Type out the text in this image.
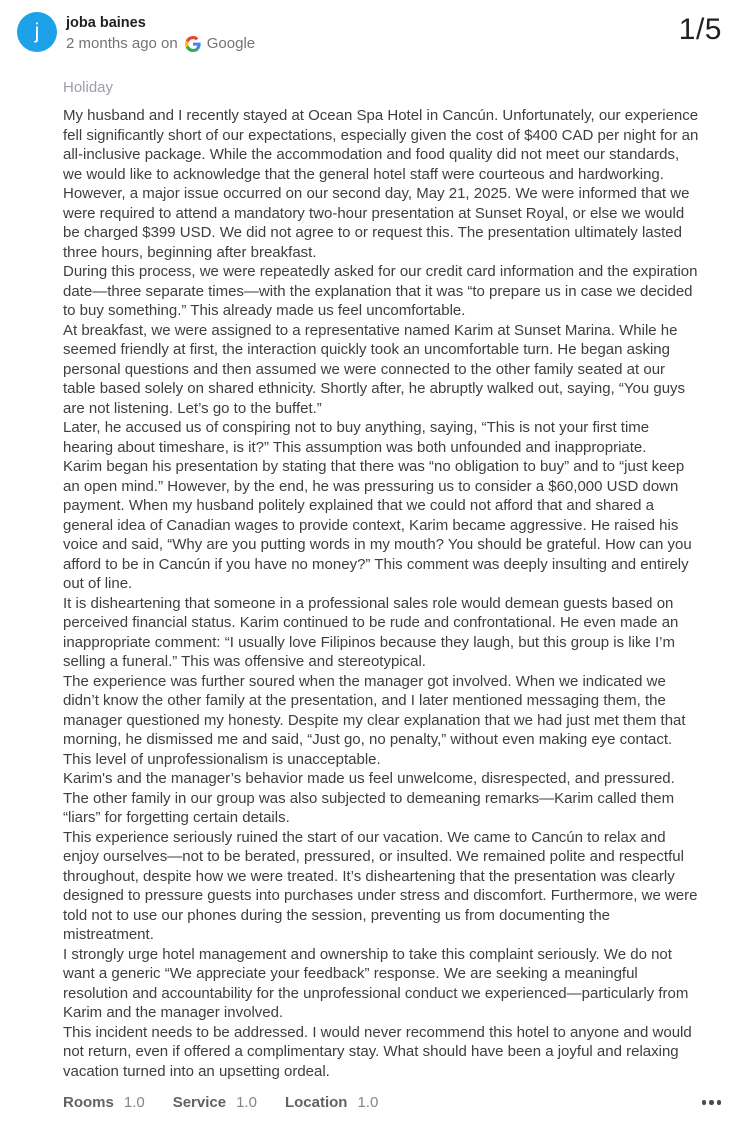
j joba baines
2 months ago on Google	1/5
Holiday
My husband and I recently stayed at Ocean Spa Hotel in Cancún. Unfortunately, our experience fell significantly short of our expectations, especially given the cost of $400 CAD per night for an all-inclusive package. While the accommodation and food quality did not meet our standards, we would like to acknowledge that the general hotel staff were courteous and hardworking.
However, a major issue occurred on our second day, May 21, 2025. We were informed that we were required to attend a mandatory two-hour presentation at Sunset Royal, or else we would be charged $399 USD. We did not agree to or request this. The presentation ultimately lasted three hours, beginning after breakfast.
During this process, we were repeatedly asked for our credit card information and the expiration date—three separate times—with the explanation that it was “to prepare us in case we decided to buy something.” This already made us feel uncomfortable.
At breakfast, we were assigned to a representative named Karim at Sunset Marina. While he seemed friendly at first, the interaction quickly took an uncomfortable turn. He began asking personal questions and then assumed we were connected to the other family seated at our table based solely on shared ethnicity. Shortly after, he abruptly walked out, saying, “You guys are not listening. Let’s go to the buffet.”
Later, he accused us of conspiring not to buy anything, saying, “This is not your first time hearing about timeshare, is it?” This assumption was both unfounded and inappropriate.
Karim began his presentation by stating that there was “no obligation to buy” and to “just keep an open mind.” However, by the end, he was pressuring us to consider a $60,000 USD down payment. When my husband politely explained that we could not afford that and shared a general idea of Canadian wages to provide context, Karim became aggressive. He raised his voice and said, “Why are you putting words in my mouth? You should be grateful. How can you afford to be in Cancún if you have no money?” This comment was deeply insulting and entirely out of line.
It is disheartening that someone in a professional sales role would demean guests based on perceived financial status. Karim continued to be rude and confrontational. He even made an inappropriate comment: “I usually love Filipinos because they laugh, but this group is like I’m selling a funeral.” This was offensive and stereotypical.
The experience was further soured when the manager got involved. When we indicated we didn’t know the other family at the presentation, and I later mentioned messaging them, the manager questioned my honesty. Despite my clear explanation that we had just met them that morning, he dismissed me and said, “Just go, no penalty,” without even making eye contact. This level of unprofessionalism is unacceptable.
Karim's and the manager’s behavior made us feel unwelcome, disrespected, and pressured. The other family in our group was also subjected to demeaning remarks—Karim called them “liars” for forgetting certain details.
This experience seriously ruined the start of our vacation. We came to Cancún to relax and enjoy ourselves—not to be berated, pressured, or insulted. We remained polite and respectful throughout, despite how we were treated. It’s disheartening that the presentation was clearly designed to pressure guests into purchases under stress and discomfort. Furthermore, we were told not to use our phones during the session, preventing us from documenting the mistreatment.
I strongly urge hotel management and ownership to take this complaint seriously. We do not want a generic “We appreciate your feedback” response. We are seeking a meaningful resolution and accountability for the unprofessional conduct we experienced—particularly from Karim and the manager involved.
This incident needs to be addressed. I would never recommend this hotel to anyone and would not return, even if offered a complimentary stay. What should have been a joyful and relaxing vacation turned into an upsetting ordeal.
Rooms 1.0 Service 1.0 Location 1.0
